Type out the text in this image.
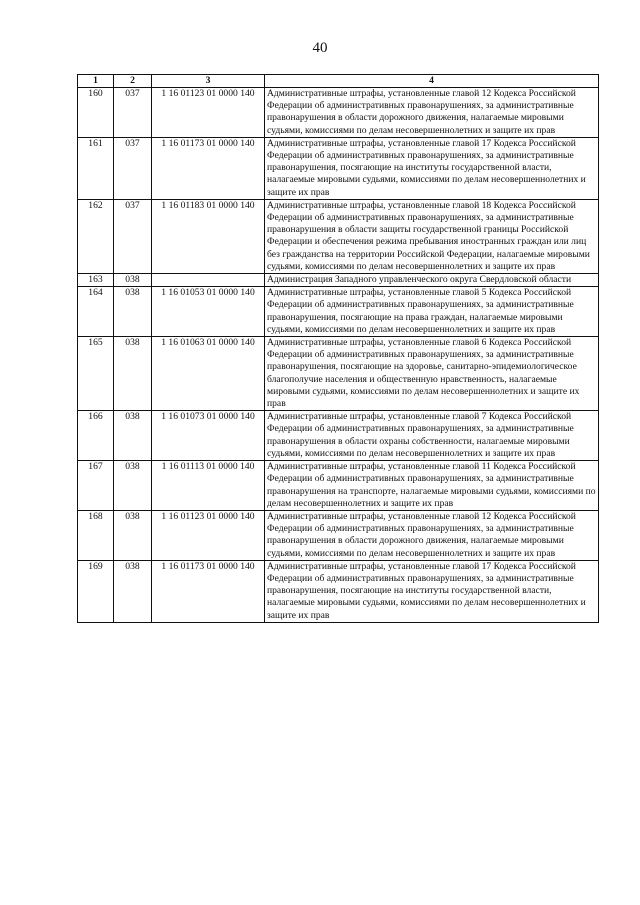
40
1	2	3	4
160	037	1 16 01123 01 0000 140	Административные штрафы, установленные главой 12 Кодекса Российской Федерации об административных правонарушениях, за административные правонарушения в области дорожного движения, налагаемые мировыми судьями, комиссиями по делам несовершеннолетних и защите их прав
161	037	1 16 01173 01 0000 140	Административные штрафы, установленные главой 17 Кодекса Российской Федерации об административных правонарушениях, за административные правонарушения, посягающие на институты государственной власти, налагаемые мировыми судьями, комиссиями по делам несовершеннолетних и защите их прав
162	037	1 16 01183 01 0000 140	Административные штрафы, установленные главой 18 Кодекса Российской Федерации об административных правонарушениях, за административные правонарушения в области защиты государственной границы Российской Федерации и обеспечения режима пребывания иностранных граждан или лиц без гражданства на территории Российской Федерации, налагаемые мировыми судьями, комиссиями по делам несовершеннолетних и защите их прав
163	038		Администрация Западного управленческого округа Свердловской области
164	038	1 16 01053 01 0000 140	Административные штрафы, установленные главой 5 Кодекса Российской Федерации об административных правонарушениях, за административные правонарушения, посягающие на права граждан, налагаемые мировыми судьями, комиссиями по делам несовершеннолетних и защите их прав
165	038	1 16 01063 01 0000 140	Административные штрафы, установленные главой 6 Кодекса Российской Федерации об административных правонарушениях, за административные правонарушения, посягающие на здоровье, санитарно-эпидемиологическое благополучие населения и общественную нравственность, налагаемые мировыми судьями, комиссиями по делам несовершеннолетних и защите их прав
166	038	1 16 01073 01 0000 140	Административные штрафы, установленные главой 7 Кодекса Российской Федерации об административных правонарушениях, за административные правонарушения в области охраны собственности, налагаемые мировыми судьями, комиссиями по делам несовершеннолетних и защите их прав
167	038	1 16 01113 01 0000 140	Административные штрафы, установленные главой 11 Кодекса Российской Федерации об административных правонарушениях, за административные правонарушения на транспорте, налагаемые мировыми судьями, комиссиями по делам несовершеннолетних и защите их прав
168	038	1 16 01123 01 0000 140	Административные штрафы, установленные главой 12 Кодекса Российской Федерации об административных правонарушениях, за административные правонарушения в области дорожного движения, налагаемые мировыми судьями, комиссиями по делам несовершеннолетних и защите их прав
169	038	1 16 01173 01 0000 140	Административные штрафы, установленные главой 17 Кодекса Российской Федерации об административных правонарушениях, за административные правонарушения, посягающие на институты государственной власти, налагаемые мировыми судьями, комиссиями по делам несовершеннолетних и защите их прав
